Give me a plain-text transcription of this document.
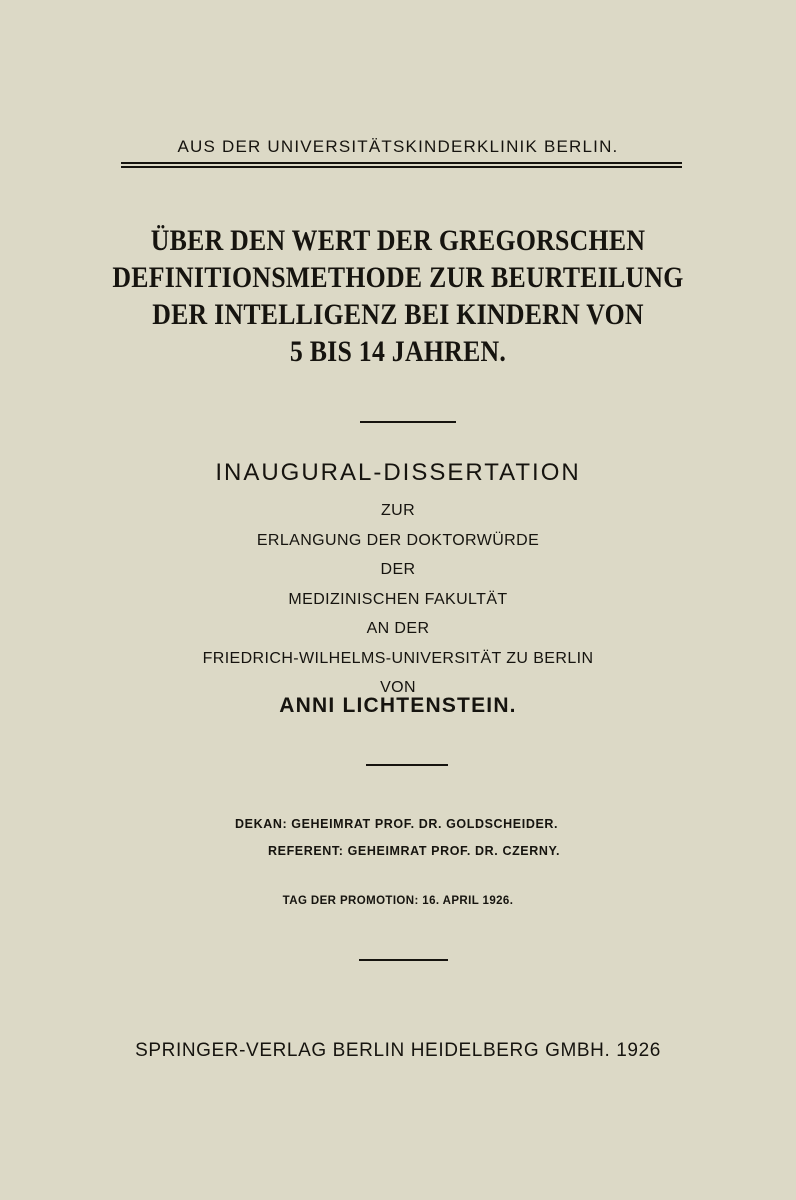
AUS DER UNIVERSITÄTSKINDERKLINIK BERLIN.
ÜBER DEN WERT DER GREGORSCHEN
DEFINITIONSMETHODE ZUR BEURTEILUNG
DER INTELLIGENZ BEI KINDERN VON
5 BIS 14 JAHREN.
INAUGURAL-DISSERTATION
ZUR
ERLANGUNG DER DOKTORWÜRDE
DER
MEDIZINISCHEN FAKULTÄT
AN DER
FRIEDRICH-WILHELMS-UNIVERSITÄT ZU BERLIN
VON
ANNI LICHTENSTEIN.
DEKAN: GEHEIMRAT PROF. DR. GOLDSCHEIDER.
REFERENT: GEHEIMRAT PROF. DR. CZERNY.
TAG DER PROMOTION: 16. APRIL 1926.
SPRINGER-VERLAG BERLIN HEIDELBERG GMBH. 1926
